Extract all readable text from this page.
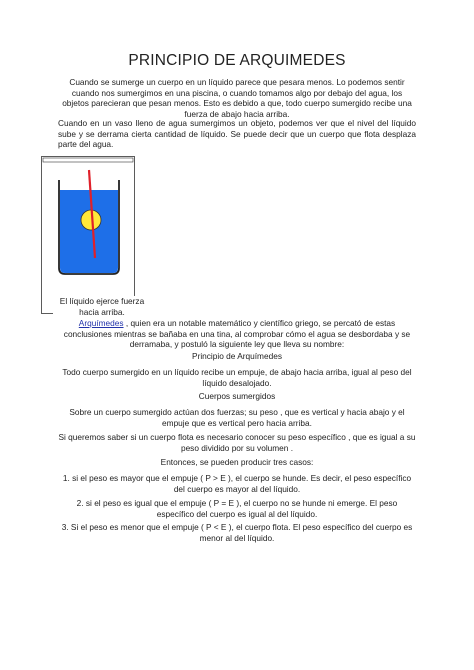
PRINCIPIO DE ARQUIMEDES
Cuando se sumerge un cuerpo en un líquido parece que pesara menos. Lo podemos sentir cuando nos sumergimos en una piscina, o cuando tomamos algo por debajo del agua, los objetos parecieran que pesan menos. Esto es debido a que, todo cuerpo sumergido recibe una fuerza de abajo hacia arriba.
Cuando en un vaso lleno de agua sumergimos un objeto, podemos ver que el nivel del líquido sube y se derrama cierta cantidad de líquido. Se puede decir que un cuerpo que flota desplaza parte del agua.
El líquido ejerce fuerza hacia arriba.
Arquímedes , quien era un notable matemático y científico griego, se percató de estas conclusiones mientras se bañaba en una tina, al comprobar cómo el agua se desbordaba y se derramaba, y postuló la siguiente ley que lleva su nombre:
Principio de Arquímedes
Todo cuerpo sumergido en un líquido recibe un empuje, de abajo hacia arriba, igual al peso del líquido desalojado.
Cuerpos sumergidos
Sobre un cuerpo sumergido actúan dos fuerzas; su peso , que es vertical y hacia abajo y el empuje que es vertical pero hacia arriba.
Si queremos saber si un cuerpo flota es necesario conocer su peso específico , que es igual a su peso dividido por su volumen .
Entonces, se pueden producir tres casos:
1. si el peso es mayor que el empuje ( P > E ), el cuerpo se hunde. Es decir, el peso específico del cuerpo es mayor al del líquido.
2. si el peso es igual que el empuje ( P = E ), el cuerpo no se hunde ni emerge. El peso específico del cuerpo es igual al del líquido.
3. Si el peso es menor que el empuje ( P < E ), el cuerpo flota. El peso específico del cuerpo es menor al del líquido.
